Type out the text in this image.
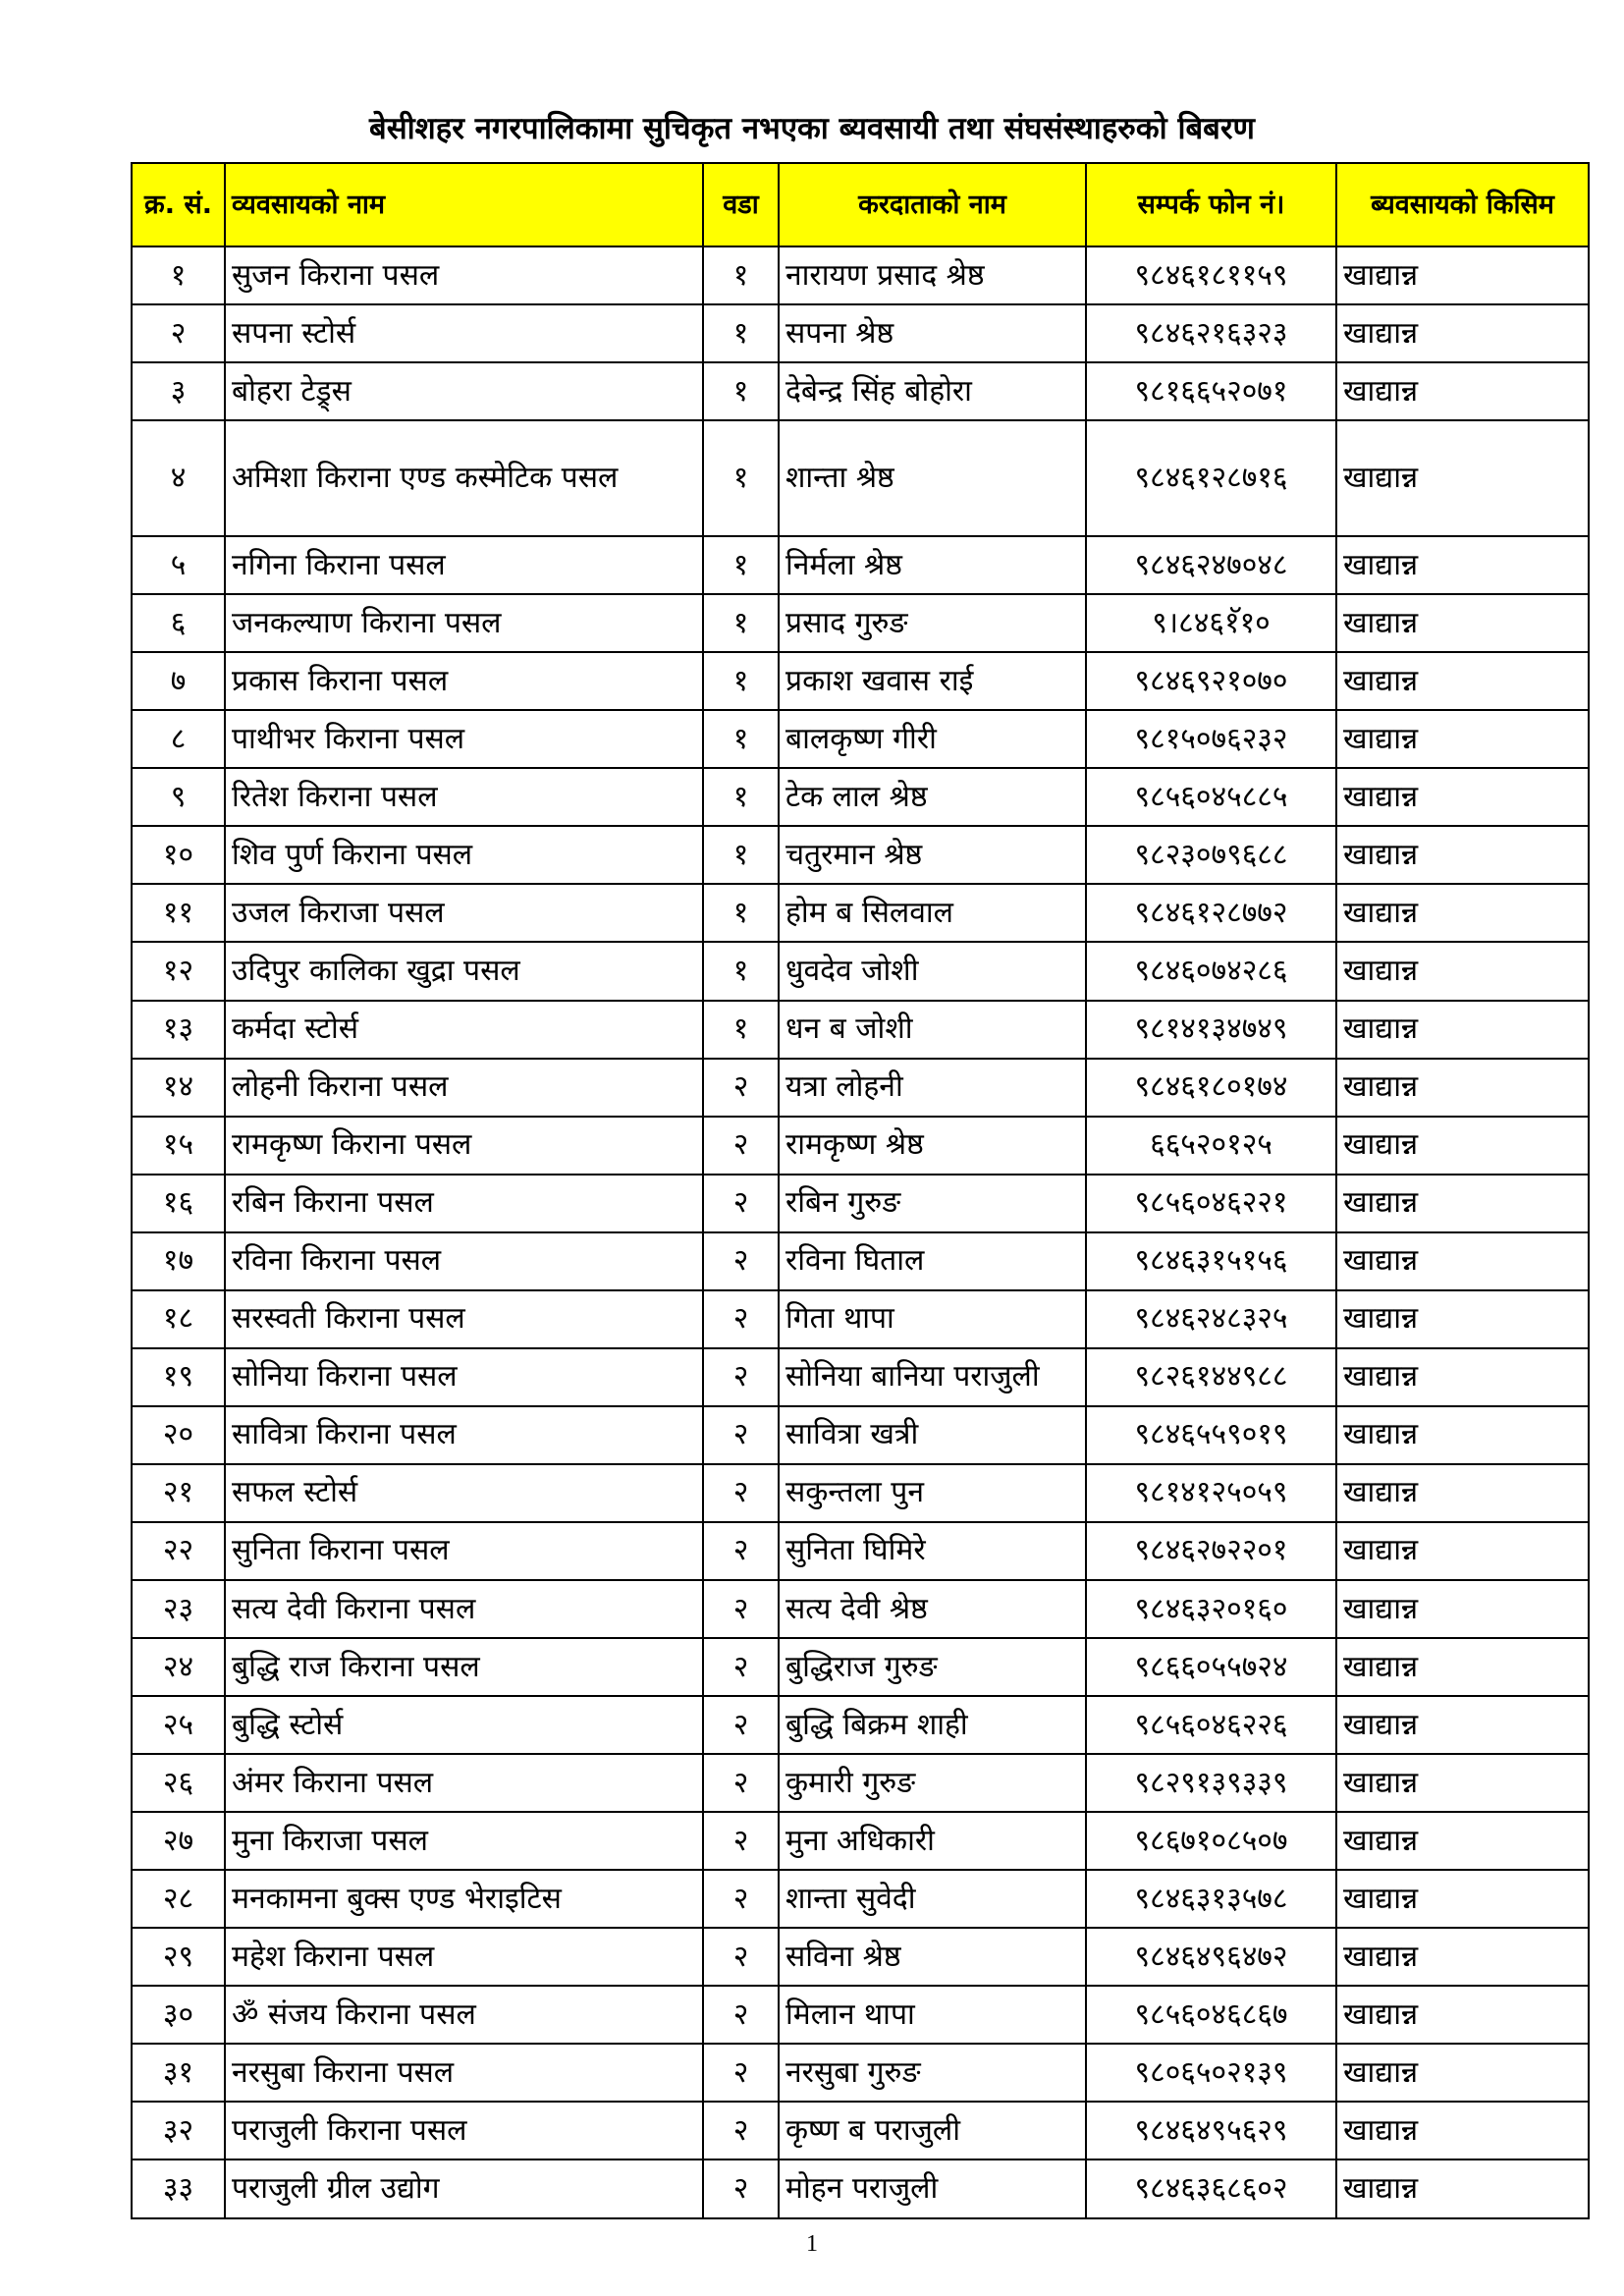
बेसीशहर नगरपालिकामा सुचिकृत नभएका ब्यवसायी तथा संघसंस्थाहरुको बिबरण
क्र. सं.	व्यवसायको नाम	वडा	करदाताको नाम	सम्पर्क फोन नं।	ब्यवसायको किसिम
१	सुजन किराना पसल	१	नारायण प्रसाद श्रेष्ठ	९८४६१८११५९	खाद्यान्न
२	सपना स्टोर्स	१	सपना श्रेष्ठ	९८४६२१६३२३	खाद्यान्न
३	बोहरा टेड्र्स	१	देबेन्द्र सिंह बोहोरा	९८१६६५२०७१	खाद्यान्न
४	अमिशा किराना एण्ड कस्मेटिक पसल	१	शान्ता श्रेष्ठ	९८४६१२८७१६	खाद्यान्न
५	नगिना किराना पसल	१	निर्मला श्रेष्ठ	९८४६२४७०४८	खाद्यान्न
६	जनकल्याण किराना पसल	१	प्रसाद गुरुङ	९।८४६१ॅ१०	खाद्यान्न
७	प्रकास किराना पसल	१	प्रकाश खवास राई	९८४६९२१०७०	खाद्यान्न
८	पाथीभर किराना पसल	१	बालकृष्ण गीरी	९८१५०७६२३२	खाद्यान्न
९	रितेश किराना पसल	१	टेक लाल श्रेष्ठ	९८५६०४५८८५	खाद्यान्न
१०	शिव पुर्ण किराना पसल	१	चतुरमान श्रेष्ठ	९८२३०७९६८८	खाद्यान्न
११	उजल किराजा पसल	१	होम ब सिलवाल	९८४६१२८७७२	खाद्यान्न
१२	उदिपुर कालिका खुद्रा पसल	१	धुवदेव जोशी	९८४६०७४२८६	खाद्यान्न
१३	कर्मदा स्टोर्स	१	धन ब जोशी	९८१४१३४७४९	खाद्यान्न
१४	लोहनी किराना पसल	२	यत्रा लोहनी	९८४६१८०१७४	खाद्यान्न
१५	रामकृष्ण किराना पसल	२	रामकृष्ण श्रेष्ठ	६६५२०१२५	खाद्यान्न
१६	रबिन किराना पसल	२	रबिन गुरुङ	९८५६०४६२२१	खाद्यान्न
१७	रविना किराना पसल	२	रविना घिताल	९८४६३१५१५६	खाद्यान्न
१८	सरस्वती किराना पसल	२	गिता थापा	९८४६२४८३२५	खाद्यान्न
१९	सोनिया किराना पसल	२	सोनिया बानिया पराजुली	९८२६१४४९८८	खाद्यान्न
२०	सावित्रा किराना पसल	२	सावित्रा खत्री	९८४६५५९०१९	खाद्यान्न
२१	सफल स्टोर्स	२	सकुन्तला पुन	९८१४१२५०५९	खाद्यान्न
२२	सुनिता किराना पसल	२	सुनिता घिमिरे	९८४६२७२२०१	खाद्यान्न
२३	सत्य देवी किराना पसल	२	सत्य देवी श्रेष्ठ	९८४६३२०१६०	खाद्यान्न
२४	बुद्धि राज किराना पसल	२	बुद्धिराज गुरुङ	९८६६०५५७२४	खाद्यान्न
२५	बुद्धि स्टोर्स	२	बुद्धि बिक्रम शाही	९८५६०४६२२६	खाद्यान्न
२६	अंमर किराना पसल	२	कुमारी गुरुङ	९८२९१३९३३९	खाद्यान्न
२७	मुना किराजा पसल	२	मुना अधिकारी	९८६७१०८५०७	खाद्यान्न
२८	मनकामना बुक्स एण्ड भेराइटिस	२	शान्ता सुवेदी	९८४६३१३५७८	खाद्यान्न
२९	महेश किराना पसल	२	सविना श्रेष्ठ	९८४६४९६४७२	खाद्यान्न
३०	ॐ संजय किराना पसल	२	मिलान थापा	९८५६०४६८६७	खाद्यान्न
३१	नरसुबा किराना पसल	२	नरसुबा गुरुङ	९८०६५०२१३९	खाद्यान्न
३२	पराजुली किराना पसल	२	कृष्ण ब पराजुली	९८४६४९५६२९	खाद्यान्न
३३	पराजुली ग्रील उद्योग	२	मोहन पराजुली	९८४६३६८६०२	खाद्यान्न
1
